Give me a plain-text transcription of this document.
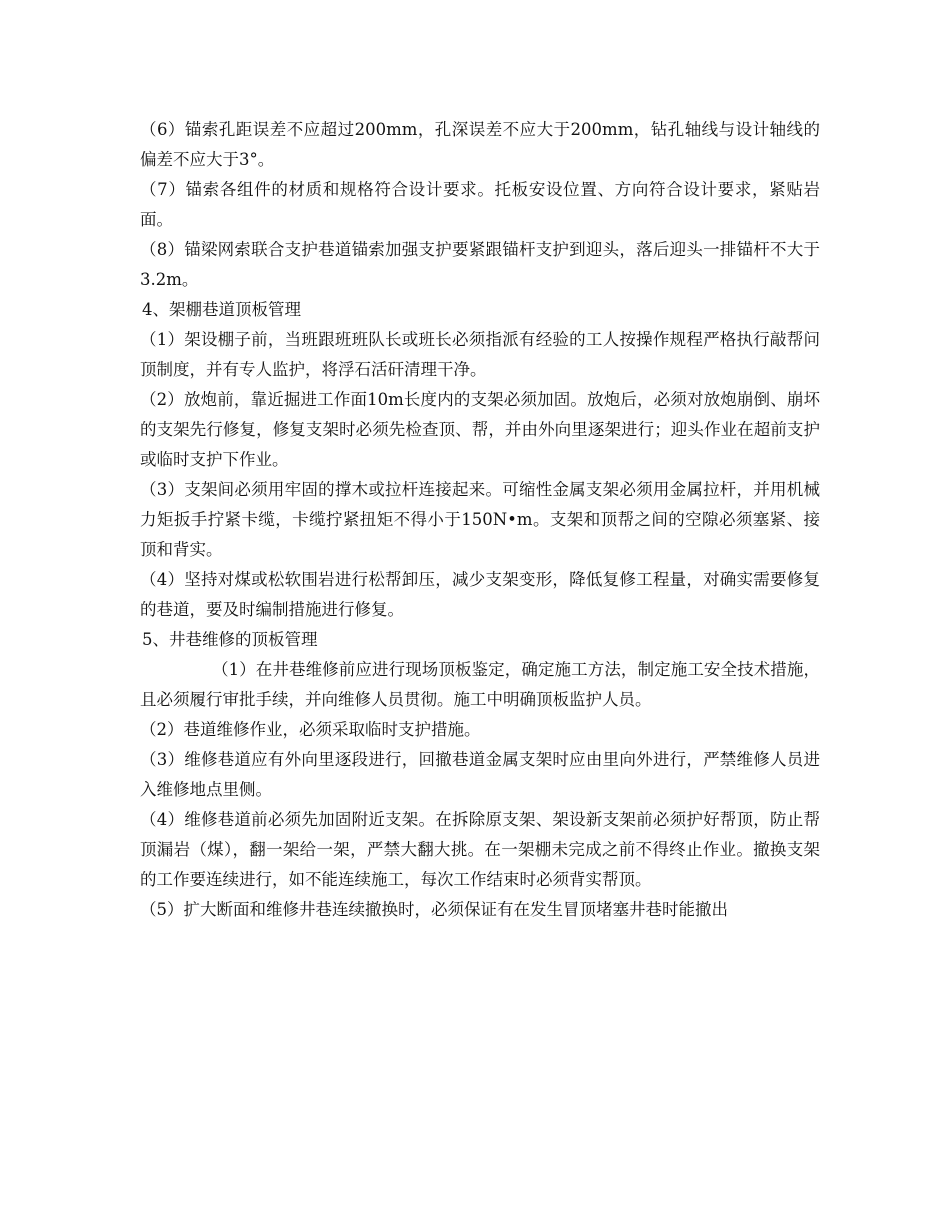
（6）锚索孔距误差不应超过200mm，孔深误差不应大于200mm，钻孔轴线与设计轴线的偏差不应大于3°。

（7）锚索各组件的材质和规格符合设计要求。托板安设位置、方向符合设计要求，紧贴岩面。

（8）锚梁网索联合支护巷道锚索加强支护要紧跟锚杆支护到迎头，落后迎头一排锚杆不大于3.2m。

4、架棚巷道顶板管理

（1）架设棚子前，当班跟班班队长或班长必须指派有经验的工人按操作规程严格执行敲帮问顶制度，并有专人监护，将浮石活矸清理干净。

（2）放炮前，靠近掘进工作面10m长度内的支架必须加固。放炮后，必须对放炮崩倒、崩坏的支架先行修复，修复支架时必须先检查顶、帮，并由外向里逐架进行；迎头作业在超前支护或临时支护下作业。

（3）支架间必须用牢固的撑木或拉杆连接起来。可缩性金属支架必须用金属拉杆，并用机械力矩扳手拧紧卡缆，卡缆拧紧扭矩不得小于150N•m。支架和顶帮之间的空隙必须塞紧、接顶和背实。

（4）坚持对煤或松软围岩进行松帮卸压，减少支架变形，降低复修工程量，对确实需要修复的巷道，要及时编制措施进行修复。

5、井巷维修的顶板管理

（1）在井巷维修前应进行现场顶板鉴定，确定施工方法，制定施工安全技术措施，且必须履行审批手续，并向维修人员贯彻。施工中明确顶板监护人员。

（2）巷道维修作业，必须采取临时支护措施。

（3）维修巷道应有外向里逐段进行，回撤巷道金属支架时应由里向外进行，严禁维修人员进入维修地点里侧。

（4）维修巷道前必须先加固附近支架。在拆除原支架、架设新支架前必须护好帮顶，防止帮顶漏岩（煤），翻一架给一架，严禁大翻大挑。在一架棚未完成之前不得终止作业。撤换支架的工作要连续进行，如不能连续施工，每次工作结束时必须背实帮顶。

（5）扩大断面和维修井巷连续撤换时，必须保证有在发生冒顶堵塞井巷时能撤出
